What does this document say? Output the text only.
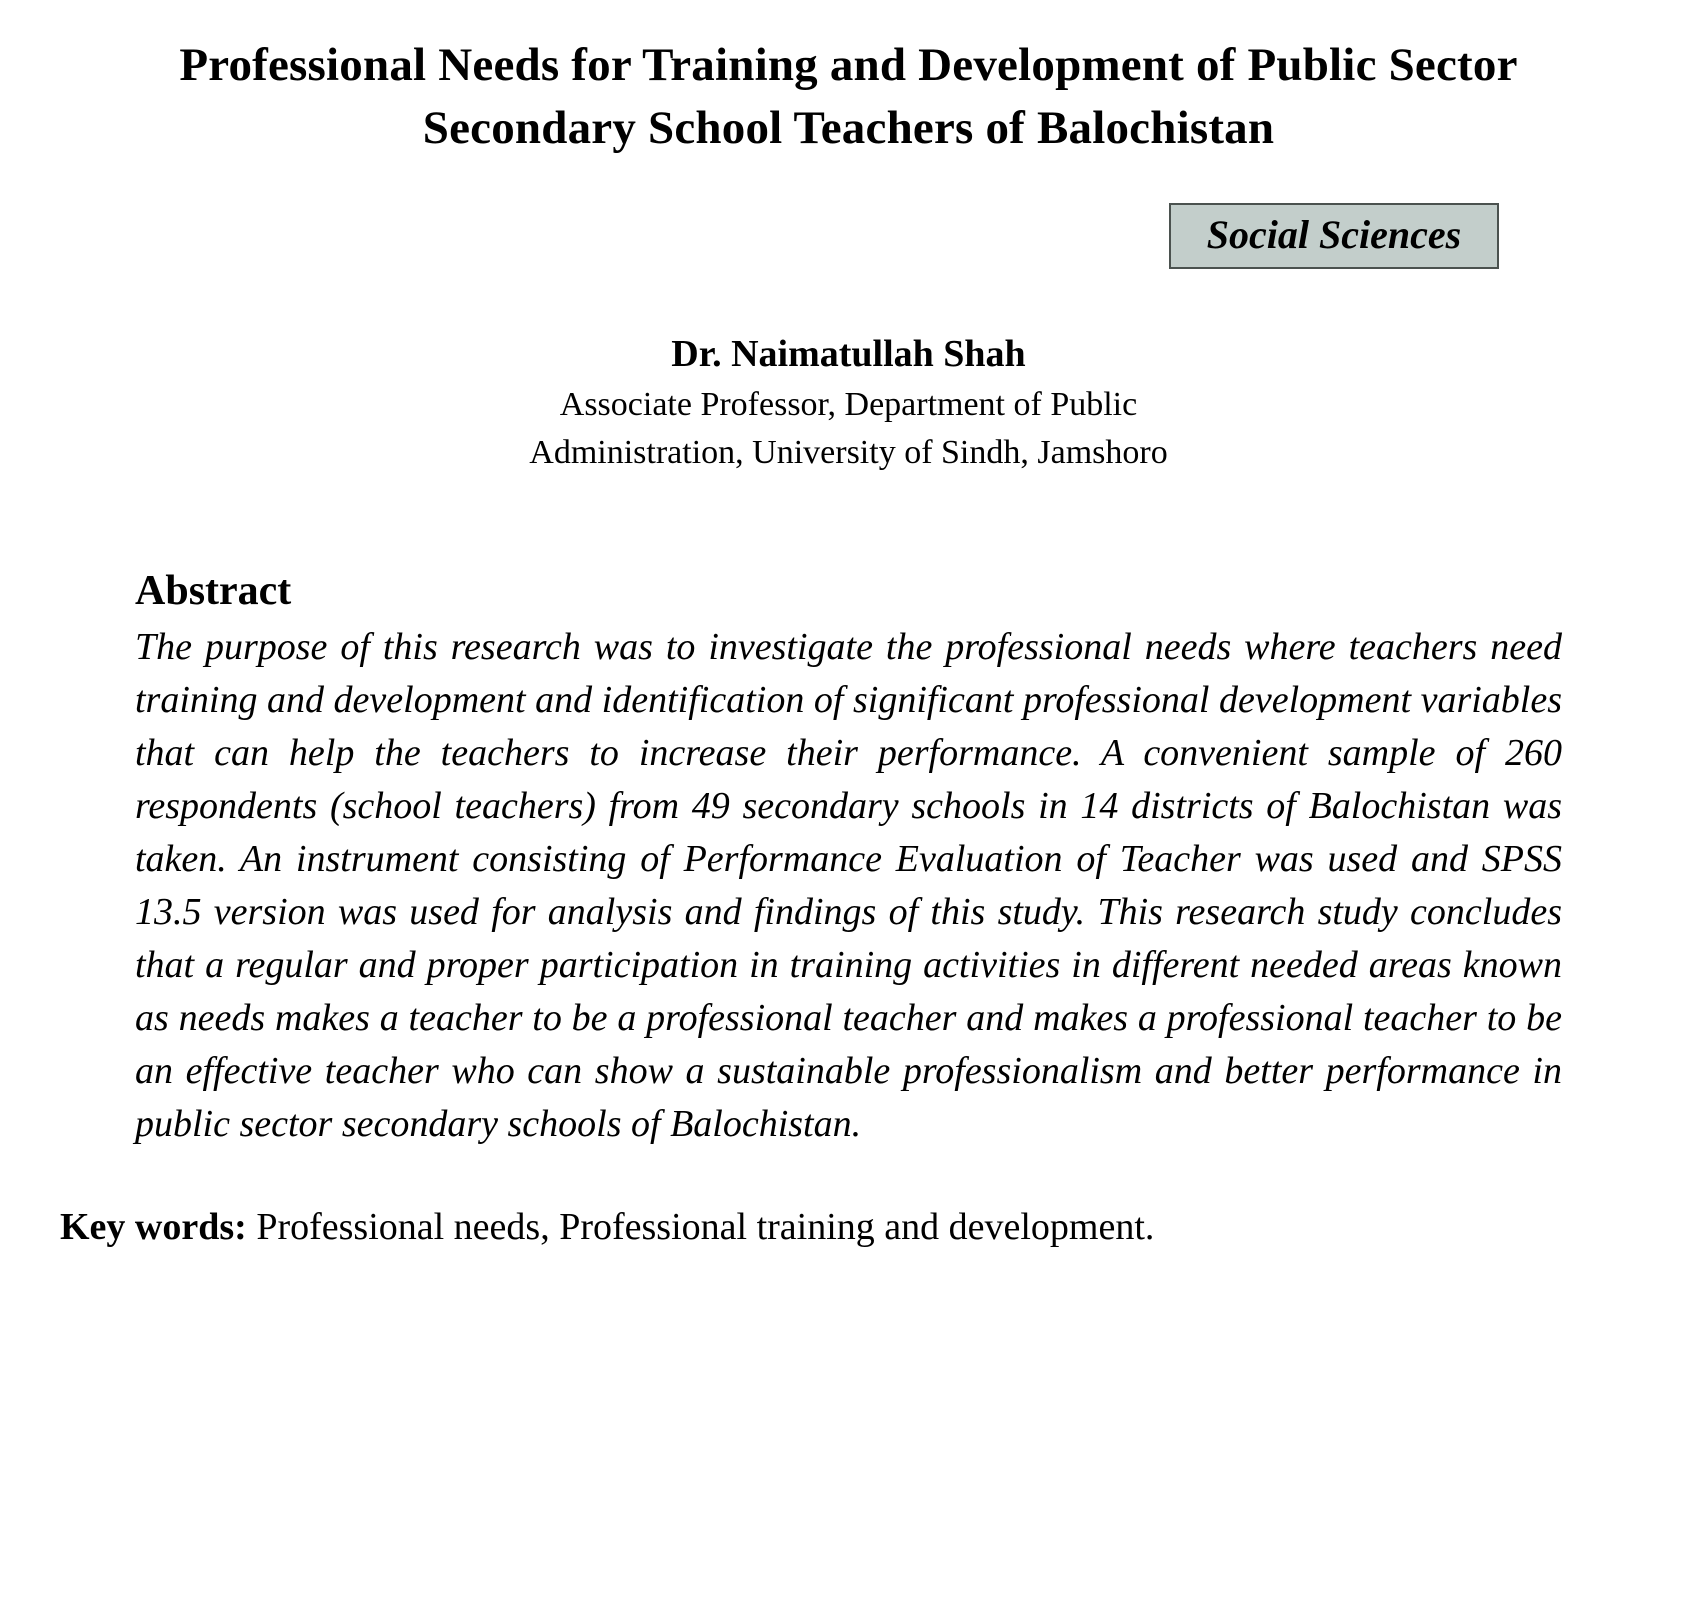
Professional Needs for Training and Development of Public Sector Secondary School Teachers of Balochistan
Social Sciences
Dr. Naimatullah Shah
Associate Professor, Department of Public
Administration, University of Sindh, Jamshoro
Abstract
The purpose of this research was to investigate the professional needs where teachers need training and development and identification of significant professional development variables that can help the teachers to increase their performance. A convenient sample of 260 respondents (school teachers) from 49 secondary schools in 14 districts of Balochistan was taken. An instrument consisting of Performance Evaluation of Teacher was used and SPSS 13.5 version was used for analysis and findings of this study. This research study concludes that a regular and proper participation in training activities in different needed areas known as needs makes a teacher to be a professional teacher and makes a professional teacher to be an effective teacher who can show a sustainable professionalism and better performance in public sector secondary schools of Balochistan.
Key words: Professional needs, Professional training and development.
